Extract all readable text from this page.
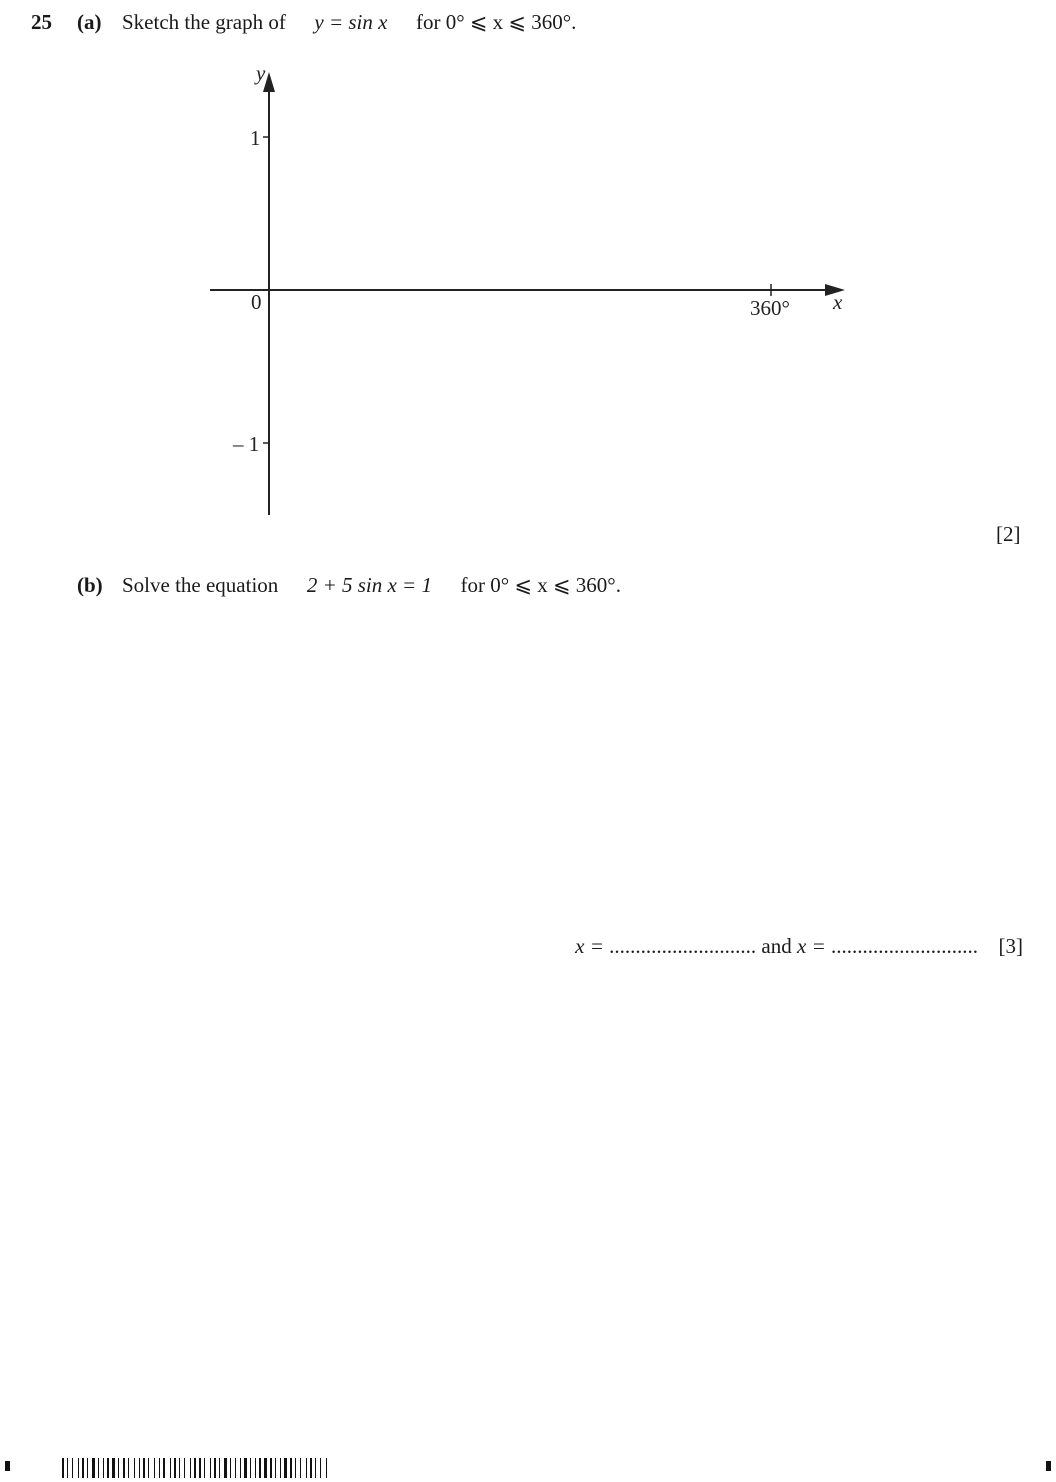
25 (a) Sketch the graph of y = sin x for 0° ⩽ x ⩽ 360°.
y
x
1
0
– 1
360°
[2]
(b) Solve the equation 2 + 5 sin x = 1 for 0° ⩽ x ⩽ 360°.
x = ............................ and x = ............................ [3]
